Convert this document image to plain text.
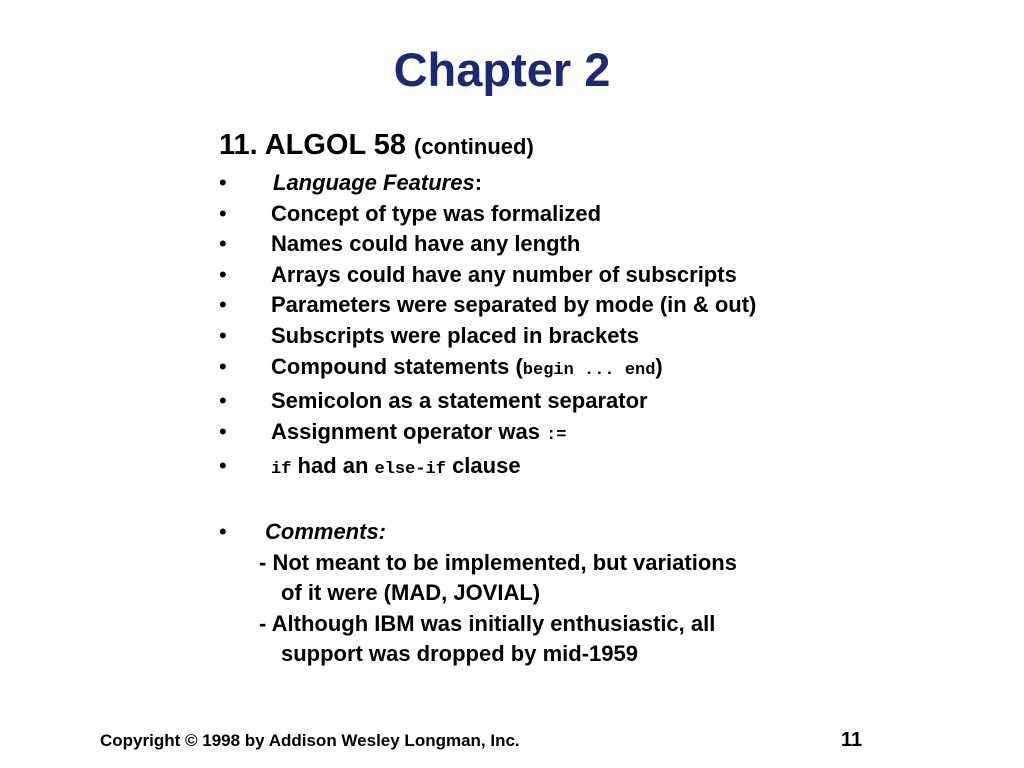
Chapter 2

11. ALGOL 58 (continued)

•	Language Features:
•	Concept of type was formalized
•	Names could have any length
•	Arrays could have any number of subscripts
•	Parameters were separated by mode (in & out)
•	Subscripts were placed in brackets
•	Compound statements (begin ... end)
•	Semicolon as a statement separator
•	Assignment operator was :=
•	if had an else-if clause
•	Comments:
- Not meant to be implemented, but variations
of it were (MAD, JOVIAL)
- Although IBM was initially enthusiastic, all
support was dropped by mid-1959
Copyright © 1998 by Addison Wesley Longman, Inc.	11
